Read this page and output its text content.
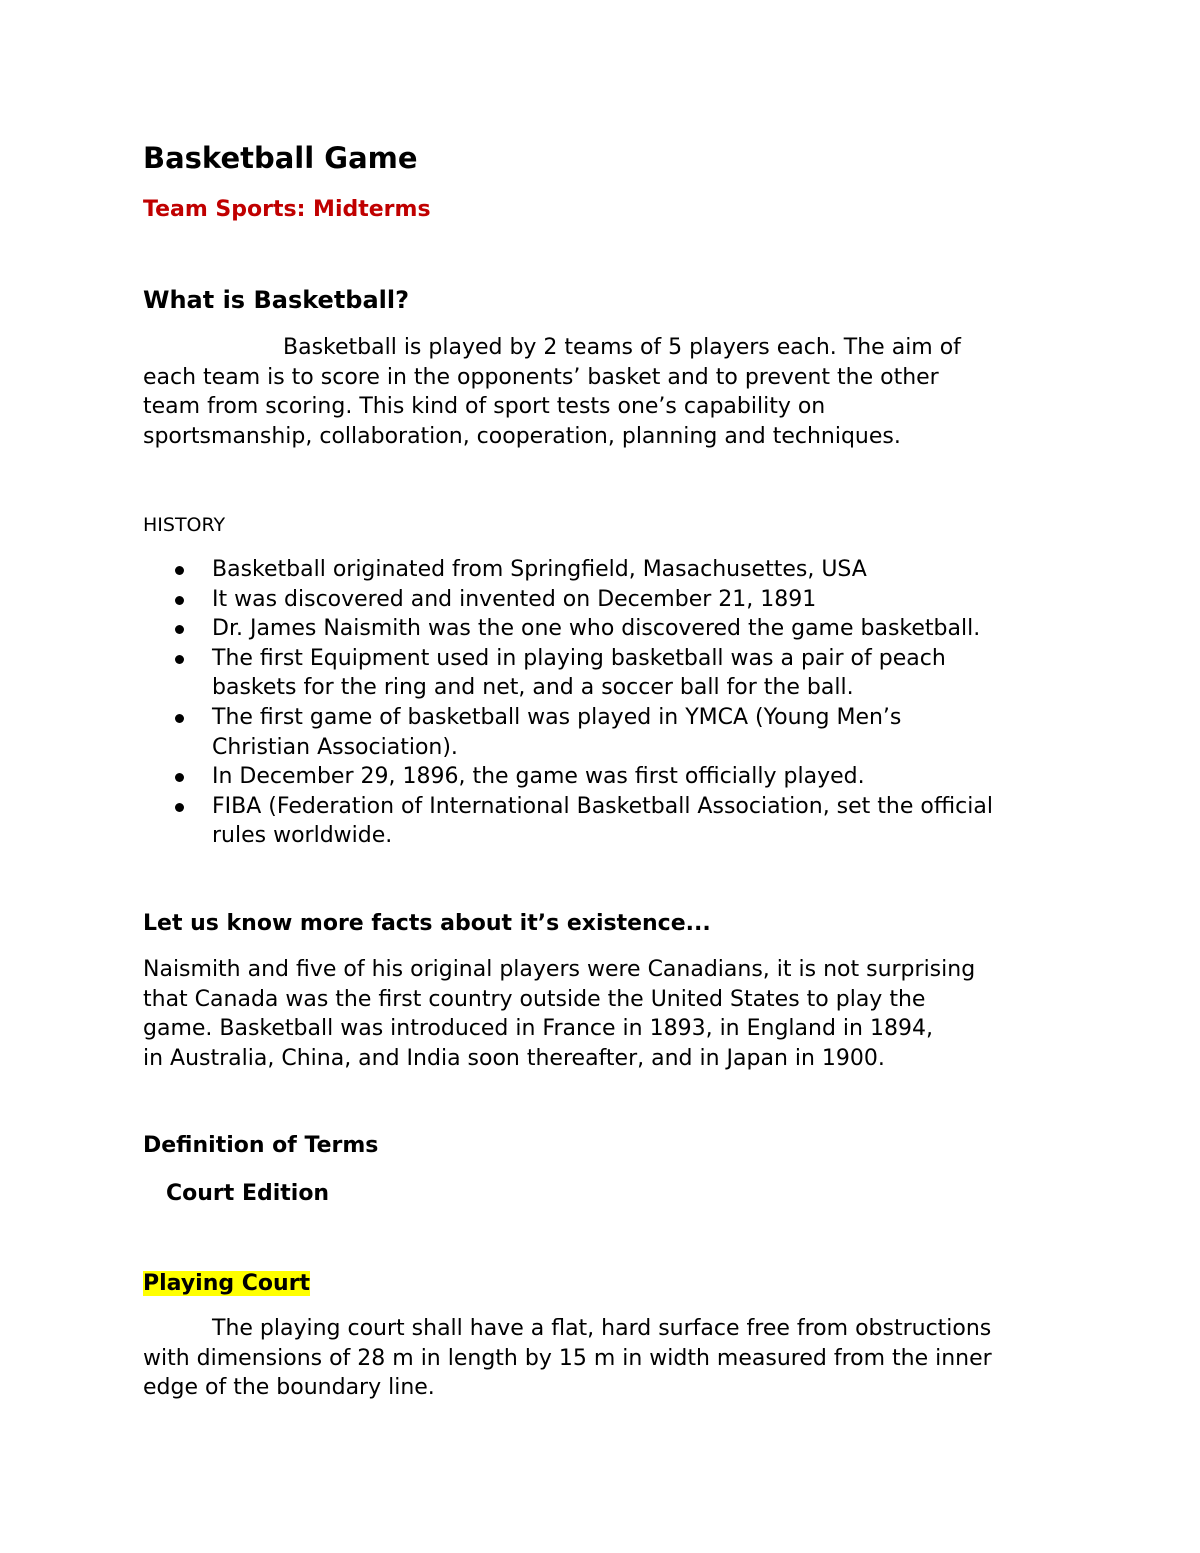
Basketball Game
Team Sports: Midterms
What is Basketball?

Basketball is played by 2 teams of 5 players each. The aim of
each team is to score in the opponents’ basket and to prevent the other
team from scoring. This kind of sport tests one’s capability on
sportsmanship, collaboration, cooperation, planning and techniques.

HISTORY
Basketball originated from Springfield, Masachusettes, USA
It was discovered and invented on December 21, 1891
Dr. James Naismith was the one who discovered the game basketball.
The first Equipment used in playing basketball was a pair of peach
baskets for the ring and net, and a soccer ball for the ball.
The first game of basketball was played in YMCA (Young Men’s
Christian Association).
In December 29, 1896, the game was first officially played.
FIBA (Federation of International Basketball Association, set the official
rules worldwide.
Let us know more facts about it’s existence...

Naismith and five of his original players were Canadians, it is not surprising
that Canada was the first country outside the United States to play the
game. Basketball was introduced in France in 1893, in England in 1894,
in Australia, China, and India soon thereafter, and in Japan in 1900.

Definition of Terms
Court Edition
Playing Court

The playing court shall have a flat, hard surface free from obstructions
with dimensions of 28 m in length by 15 m in width measured from the inner
edge of the boundary line.
